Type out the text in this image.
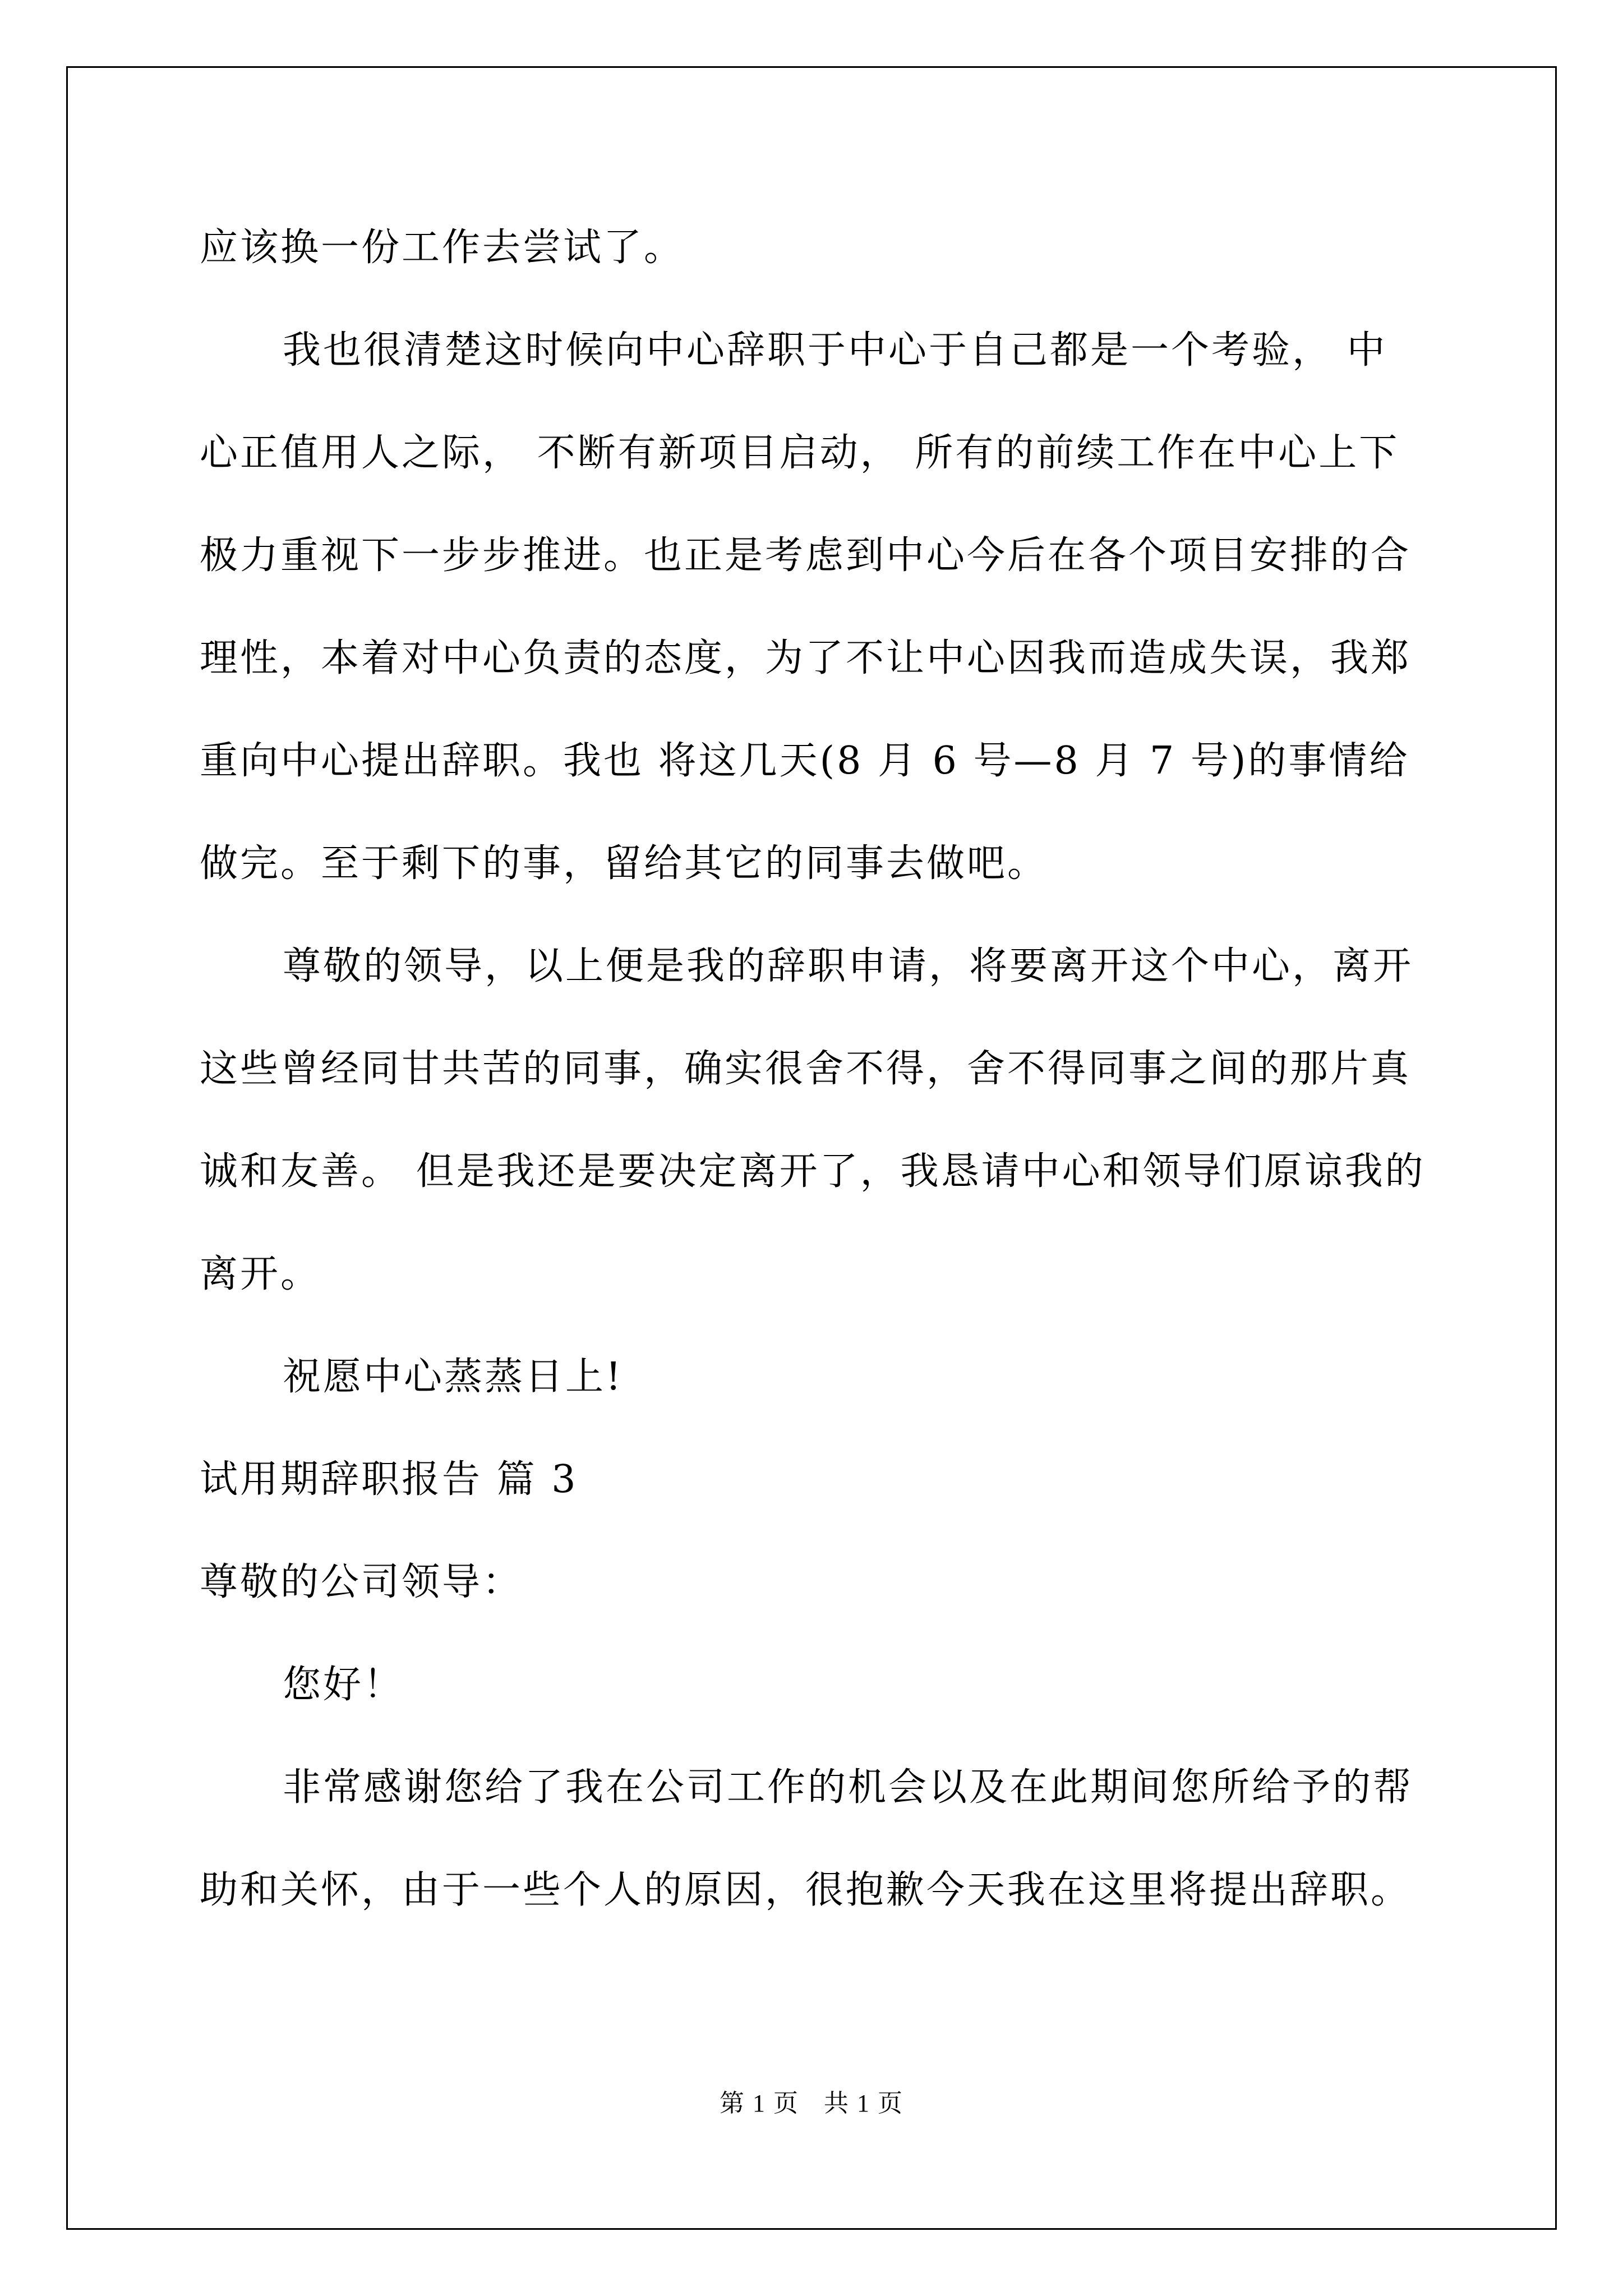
应该换一份工作去尝试了。
我也很清楚这时候向中心辞职于中心于自己都是一个考验， 中
心正值用人之际， 不断有新项目启动， 所有的前续工作在中心上下
极力重视下一步步推进。也正是考虑到中心今后在各个项目安排的合
理性，本着对中心负责的态度，为了不让中心因我而造成失误，我郑
重向中心提出辞职。我也 将这几天(8 月 6 号—8 月 7 号)的事情给
做完。至于剩下的事，留给其它的同事去做吧。
尊敬的领导，以上便是我的辞职申请，将要离开这个中心，离开
这些曾经同甘共苦的同事，确实很舍不得，舍不得同事之间的那片真
诚和友善。 但是我还是要决定离开了，我恳请中心和领导们原谅我的
离开。
祝愿中心蒸蒸日上!
试用期辞职报告 篇 3
尊敬的公司领导：
您好！
非常感谢您给了我在公司工作的机会以及在此期间您所给予的帮
助和关怀，由于一些个人的原因，很抱歉今天我在这里将提出辞职。
第 1 页 共 1 页
